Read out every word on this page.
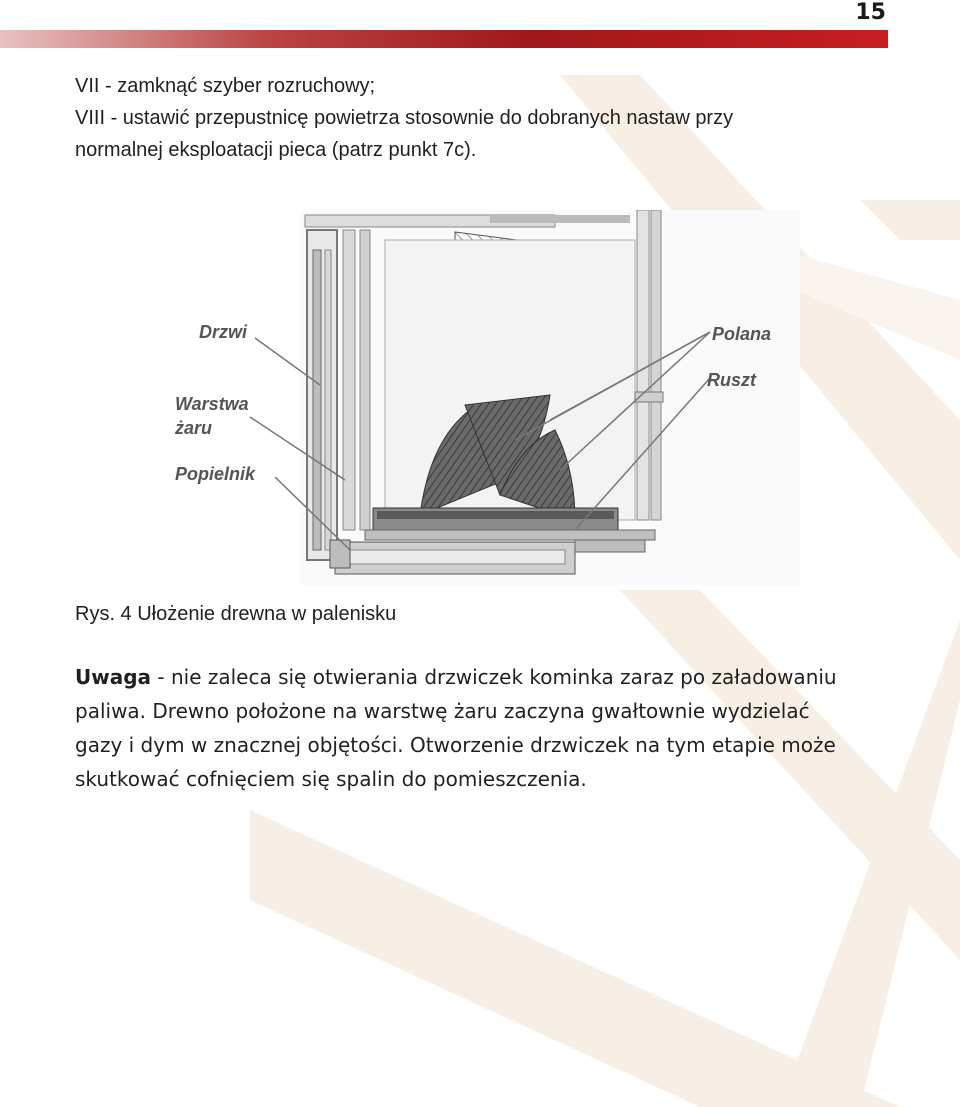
15

VII - zamknąć szyber rozruchowy;

VIII - ustawić przepustnicę powietrza stosownie do dobranych nastaw przy

normalnej eksploatacji pieca (patrz punkt 7c).

Drzwi
Warstwa
żaru
Popielnik
Polana
Ruszt
Rys. 4 Ułożenie drewna w palenisku

Uwaga - nie zaleca się otwierania drzwiczek kominka zaraz po załadowaniu

paliwa. Drewno położone na warstwę żaru zaczyna gwałtownie wydzielać

gazy i dym w znacznej objętości. Otworzenie drzwiczek na tym etapie może

skutkować cofnięciem się spalin do pomieszczenia.
